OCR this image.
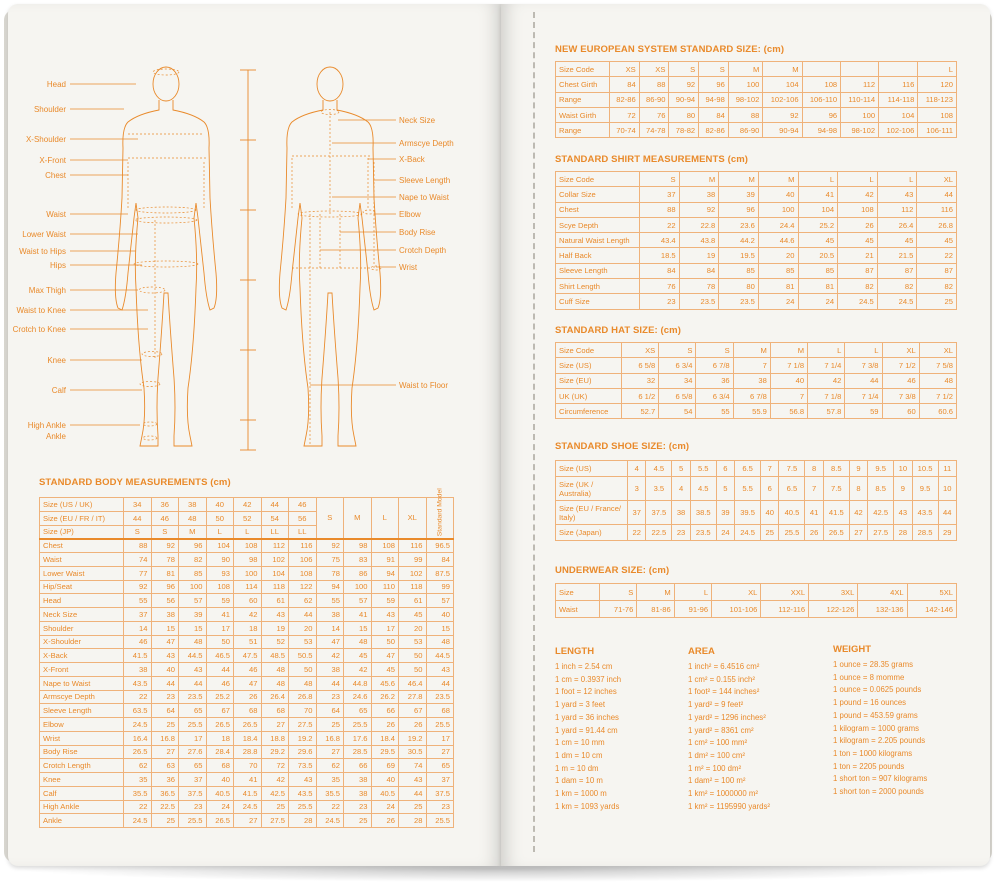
Head
Shoulder
X-Shoulder
X-Front
Chest
Waist
Lower Waist
Waist to Hips
Hips
Max Thigh
Waist to Knee
Crotch to Knee
Knee
Calf
High Ankle
Ankle
Neck Size
Armscye Depth
X-Back
Sleeve Length
Nape to Waist
Elbow
Body Rise
Crotch Depth
Wrist
Waist to Floor
STANDARD BODY MEASUREMENTS (cm)
Size (US / UK)	34	36	38	40	42	44	46	S	M	L	XL	Standard Model
Size (EU / FR / IT)	44	46	48	50	52	54	56					
Size (JP)	S	S	M	L	L	LL	LL					
Chest	88	92	96	104	108	112	116	92	98	108	116	96.5
Waist	74	78	82	90	98	102	106	75	83	91	99	84
Lower Waist	77	81	85	93	100	104	108	78	86	94	102	87.5
Hip/Seat	92	96	100	108	114	118	122	94	100	110	118	99
Head	55	56	57	59	60	61	62	55	57	59	61	57
Neck Size	37	38	39	41	42	43	44	38	41	43	45	40
Shoulder	14	15	15	17	18	19	20	14	15	17	20	15
X-Shoulder	46	47	48	50	51	52	53	47	48	50	53	48
X-Back	41.5	43	44.5	46.5	47.5	48.5	50.5	42	45	47	50	44.5
X-Front	38	40	43	44	46	48	50	38	42	45	50	43
Nape to Waist	43.5	44	44	46	47	48	48	44	44.8	45.6	46.4	44
Armscye Depth	22	23	23.5	25.2	26	26.4	26.8	23	24.6	26.2	27.8	23.5
Sleeve Length	63.5	64	65	67	68	68	70	64	65	66	67	68
Elbow	24.5	25	25.5	26.5	26.5	27	27.5	25	25.5	26	26	25.5
Wrist	16.4	16.8	17	18	18.4	18.8	19.2	16.8	17.6	18.4	19.2	17
Body Rise	26.5	27	27.6	28.4	28.8	29.2	29.6	27	28.5	29.5	30.5	27
Crotch Length	62	63	65	68	70	72	73.5	62	66	69	74	65
Knee	35	36	37	40	41	42	43	35	38	40	43	37
Calf	35.5	36.5	37.5	40.5	41.5	42.5	43.5	35.5	38	40.5	44	37.5
High Ankle	22	22.5	23	24	24.5	25	25.5	22	23	24	25	23
Ankle	24.5	25	25.5	26.5	27	27.5	28	24.5	25	26	28	25.5
NEW EUROPEAN SYSTEM STANDARD SIZE: (cm)
Size Code	XS	XS	S	S	M	M				L
Chest Girth	84	88	92	96	100	104	108	112	116	120
Range	82-86	86-90	90-94	94-98	98-102	102-106	106-110	110-114	114-118	118-123
Waist Girth	72	76	80	84	88	92	96	100	104	108
Range	70-74	74-78	78-82	82-86	86-90	90-94	94-98	98-102	102-106	106-111
STANDARD SHIRT MEASUREMENTS (cm)
Size Code	S	M	M	M	L	L	L	XL
Collar Size	37	38	39	40	41	42	43	44
Chest	88	92	96	100	104	108	112	116
Scye Depth	22	22.8	23.6	24.4	25.2	26	26.4	26.8
Natural Waist Length	43.4	43.8	44.2	44.6	45	45	45	45
Half Back	18.5	19	19.5	20	20.5	21	21.5	22
Sleeve Length	84	84	85	85	85	87	87	87
Shirt Length	76	78	80	81	81	82	82	82
Cuff Size	23	23.5	23.5	24	24	24.5	24.5	25
STANDARD HAT SIZE: (cm)
Size Code	XS	S	S	M	M	L	L	XL	XL
Size (US)	6 5/8	6 3/4	6 7/8	7	7 1/8	7 1/4	7 3/8	7 1/2	7 5/8
Size (EU)	32	34	36	38	40	42	44	46	48
UK (UK)	6 1/2	6 5/8	6 3/4	6 7/8	7	7 1/8	7 1/4	7 3/8	7 1/2
Circumference	52.7	54	55	55.9	56.8	57.8	59	60	60.6
STANDARD SHOE SIZE: (cm)
Size (US)	4	4.5	5	5.5	6	6.5	7	7.5	8	8.5	9	9.5	10	10.5	11
Size (UK / Australia)	3	3.5	4	4.5	5	5.5	6	6.5	7	7.5	8	8.5	9	9.5	10
Size (EU / France/ Italy)	37	37.5	38	38.5	39	39.5	40	40.5	41	41.5	42	42.5	43	43.5	44
Size (Japan)	22	22.5	23	23.5	24	24.5	25	25.5	26	26.5	27	27.5	28	28.5	29
UNDERWEAR SIZE: (cm)
Size	S	M	L	XL	XXL	3XL	4XL	5XL
Waist	71-76	81-86	91-96	101-106	112-116	122-126	132-136	142-146
LENGTH
1 inch = 2.54 cm
1 cm = 0.3937 inch
1 foot = 12 inches
1 yard = 3 feet
1 yard = 36 inches
1 yard = 91.44 cm
1 cm = 10 mm
1 dm = 10 cm
1 m = 10 dm
1 dam = 10 m
1 km = 1000 m
1 km = 1093 yards
AREA
1 inch² = 6.4516 cm²
1 cm² = 0.155 inch²
1 foot² = 144 inches²
1 yard² = 9 feet²
1 yard² = 1296 inches²
1 yard² = 8361 cm²
1 cm² = 100 mm²
1 dm² = 100 cm²
1 m² = 100 dm²
1 dam² = 100 m²
1 km² = 1000000 m²
1 km² = 1195990 yards²
WEIGHT
1 ounce = 28.35 grams
1 ounce = 8 momme
1 ounce = 0.0625 pounds
1 pound = 16 ounces
1 pound = 453.59 grams
1 kilogram = 1000 grams
1 kilogram = 2.205 pounds
1 ton = 1000 kilograms
1 ton = 2205 pounds
1 short ton = 907 kilograms
1 short ton = 2000 pounds
